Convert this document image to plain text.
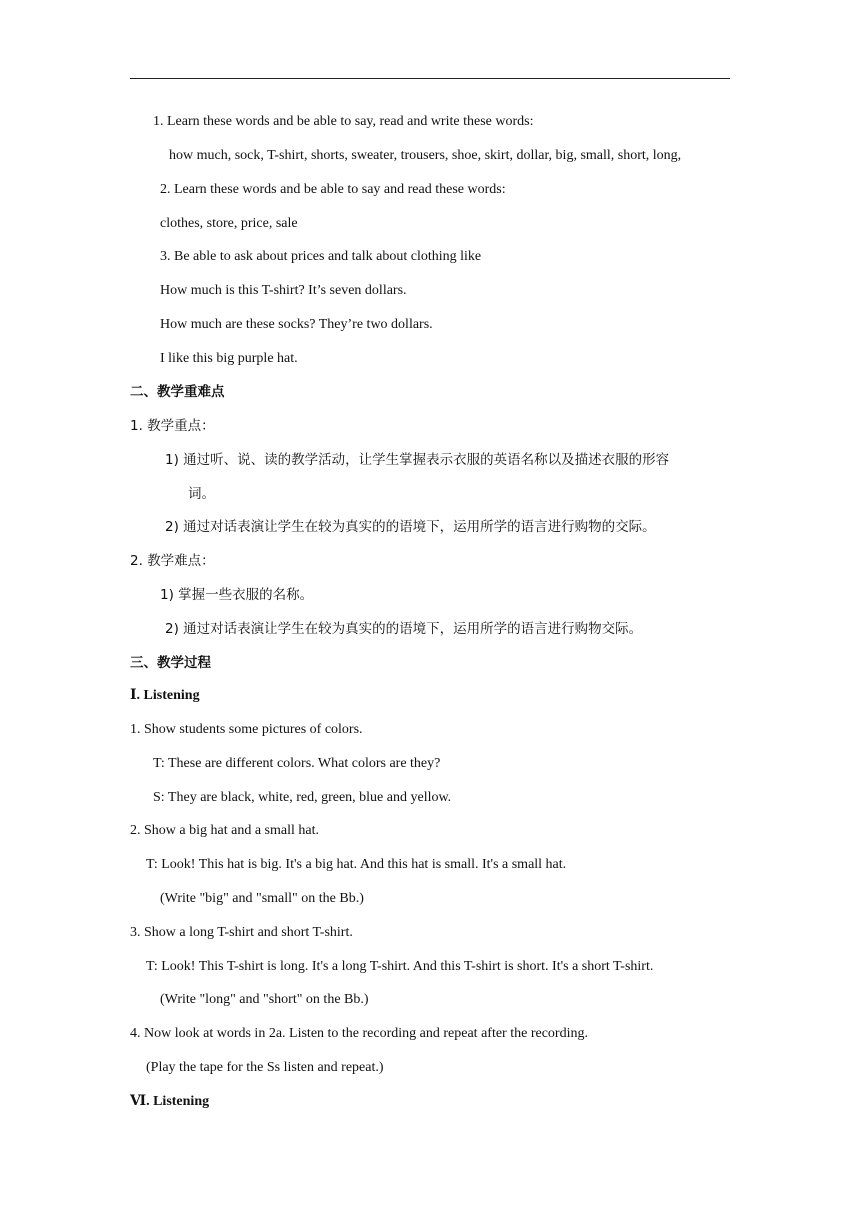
1. Learn these words and be able to say, read and write these words:
how much, sock, T-shirt, shorts, sweater, trousers, shoe, skirt, dollar, big, small, short, long,
2. Learn these words and be able to say and read these words:
clothes, store, price, sale
3. Be able to ask about prices and talk about clothing like
How much is this T-shirt? It’s seven dollars.
How much are these socks? They’re two dollars.
I like this big purple hat.
二、教学重难点
1. 教学重点：
1) 通过听、说、读的教学活动，让学生掌握表示衣服的英语名称以及描述衣服的形容
词。
2) 通过对话表演让学生在较为真实的的语境下，运用所学的语言进行购物的交际。
2. 教学难点：
1) 掌握一些衣服的名称。
2) 通过对话表演让学生在较为真实的的语境下，运用所学的语言进行购物交际。
三、教学过程
Ⅰ. Listening
1. Show students some pictures of colors.
T: These are different colors. What colors are they?
S: They are black, white, red, green, blue and yellow.
2. Show a big hat and a small hat.
T: Look! This hat is big. It's a big hat. And this hat is small. It's a small hat.
(Write "big" and "small" on the Bb.)
3. Show a long T-shirt and short T-shirt.
T: Look! This T-shirt is long. It's a long T-shirt. And this T-shirt is short. It's a short T-shirt.
(Write "long" and "short" on the Bb.)
4. Now look at words in 2a. Listen to the recording and repeat after the recording.
(Play the tape for the Ss listen and repeat.)
Ⅵ. Listening
